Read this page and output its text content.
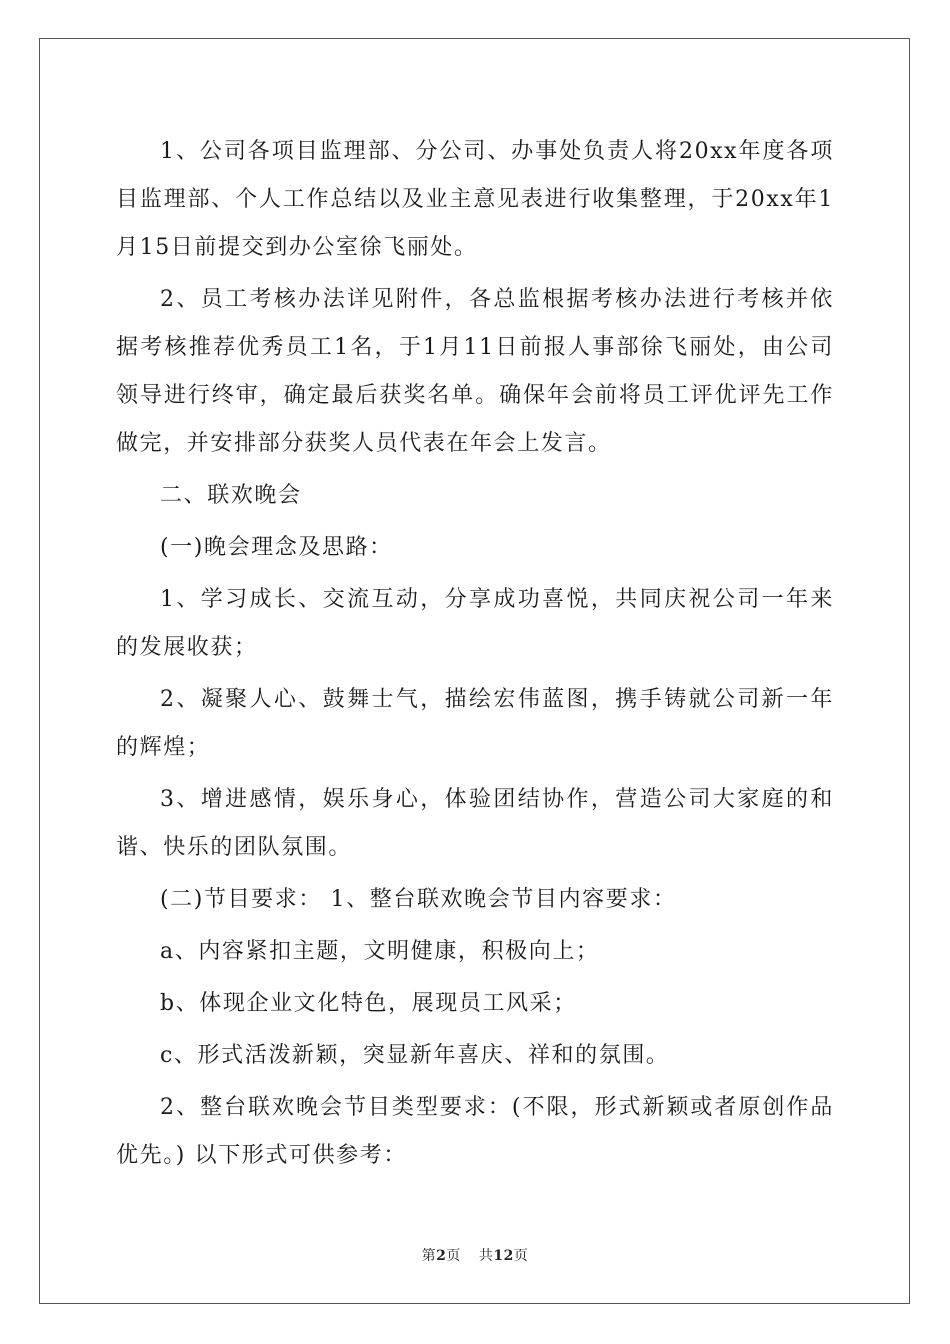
1、公司各项目监理部、分公司、办事处负责人将20xx年度各项目监理部、个人工作总结以及业主意见表进行收集整理，于20xx年1月15日前提交到办公室徐飞丽处。

2、员工考核办法详见附件，各总监根据考核办法进行考核并依据考核推荐优秀员工1名，于1月11日前报人事部徐飞丽处，由公司领导进行终审，确定最后获奖名单。确保年会前将员工评优评先工作做完，并安排部分获奖人员代表在年会上发言。

二、联欢晚会

(一)晚会理念及思路：

1、学习成长、交流互动，分享成功喜悦，共同庆祝公司一年来的发展收获；

2、凝聚人心、鼓舞士气，描绘宏伟蓝图，携手铸就公司新一年的辉煌；

3、增进感情，娱乐身心，体验团结协作，营造公司大家庭的和谐、快乐的团队氛围。

(二)节目要求： 1、整台联欢晚会节目内容要求：

a、内容紧扣主题，文明健康，积极向上；

b、体现企业文化特色，展现员工风采；

c、形式活泼新颖，突显新年喜庆、祥和的氛围。

2、整台联欢晚会节目类型要求：(不限，形式新颖或者原创作品优先。) 以下形式可供参考：

第2页 共12页
